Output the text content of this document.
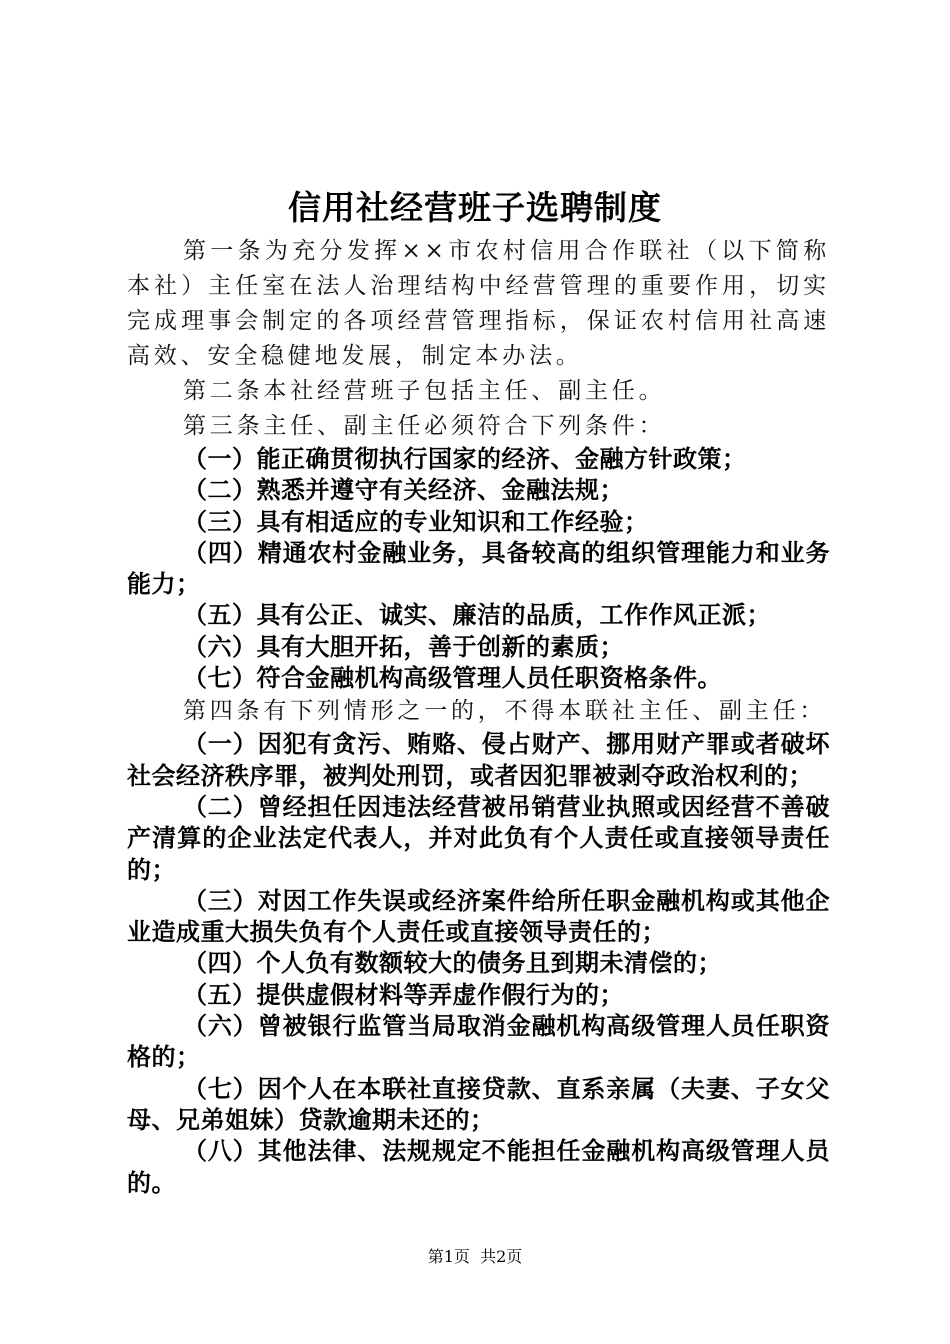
信用社经营班子选聘制度

第一条为充分发挥××市农村信用合作联社（以下简称本社）主任室在法人治理结构中经营管理的重要作用，切实完成理事会制定的各项经营管理指标，保证农村信用社高速高效、安全稳健地发展，制定本办法。

第二条本社经营班子包括主任、副主任。

第三条主任、副主任必须符合下列条件：

（一）能正确贯彻执行国家的经济、金融方针政策；

（二）熟悉并遵守有关经济、金融法规；

（三）具有相适应的专业知识和工作经验；

（四）精通农村金融业务，具备较高的组织管理能力和业务能力；

（五）具有公正、诚实、廉洁的品质，工作作风正派；

（六）具有大胆开拓，善于创新的素质；

（七）符合金融机构高级管理人员任职资格条件。

第四条有下列情形之一的，不得本联社主任、副主任：

（一）因犯有贪污、贿赂、侵占财产、挪用财产罪或者破坏社会经济秩序罪，被判处刑罚，或者因犯罪被剥夺政治权利的；

（二）曾经担任因违法经营被吊销营业执照或因经营不善破产清算的企业法定代表人，并对此负有个人责任或直接领导责任的；

（三）对因工作失误或经济案件给所任职金融机构或其他企业造成重大损失负有个人责任或直接领导责任的；

（四）个人负有数额较大的债务且到期未清偿的；

（五）提供虚假材料等弄虚作假行为的；

（六）曾被银行监管当局取消金融机构高级管理人员任职资格的；

（七）因个人在本联社直接贷款、直系亲属（夫妻、子女父母、兄弟姐妹）贷款逾期未还的；

（八）其他法律、法规规定不能担任金融机构高级管理人员的。

第1页 共2页
